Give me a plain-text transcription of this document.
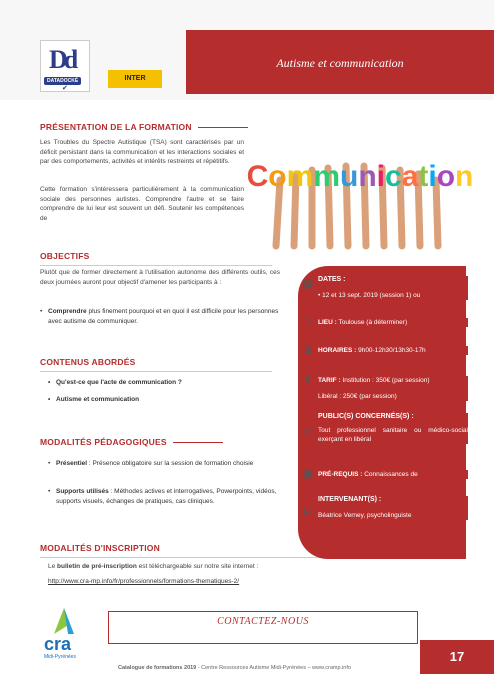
Dd
DATADOCKÉ
✔
INTER
Autisme et communication
PRÉSENTATION DE LA FORMATION
Les Troubles du Spectre Autistique (TSA) sont caractérisés par un déficit persistant dans la communication et les interactions sociales et par des comportements, activités et intérêts restreints et répétitifs.
Cette formation s'intéressera particulièrement à la communication sociale des personnes autistes. Comprendre l'autre et se faire comprendre de lui leur est souvent un défi. Soutenir les compétences de
Communication
OBJECTIFS
Plutôt que de former directement à l'utilisation autonome des différents outils, ces deux journées auront pour objectif d'amener les participants à :
• Comprendre plus finement pourquoi et en quoi il est difficile pour les personnes avec autisme de communiquer.
CONTENUS ABORDÉS
• Qu'est-ce que l'acte de communication ?
• Autisme et communication
MODALITÉS PÉDAGOGIQUES
• Présentiel : Présence obligatoire sur la session de formation choisie
• Supports utilisés : Méthodes actives et interrogatives, Powerpoints, vidéos, supports visuels, échanges de pratiques, cas cliniques.
MODALITÉS D'INSCRIPTION
Le bulletin de pré-inscription est téléchargeable sur notre site internet :
http://www.cra-mp.info/fr/professionnels/formations-thematiques-2/
▦ DATES :
• 12 et 13 sept. 2019 (session 1) ou
⌾	LIEU : Toulouse (à déterminer)
⧗ HORAIRES : 9h00-12h30/13h30-17h
€	TARIF : Institution : 350€ (par session)
Libéral : 250€ (par session)
⚇
PUBLIC(S) CONCERNÉS(S) :
Tout professionnel sanitaire ou médico-social exerçant en libéral
▣ PRÉ-REQUIS : Connaissances de
☊
INTERVENANT(S) :
Béatrice Verney, psycholinguiste
CONTACTEZ-NOUS
cra
Midi-Pyrénées
Catalogue de formations 2019 - Centre Ressources Autisme Midi-Pyrénées – www.cramp.info
17
